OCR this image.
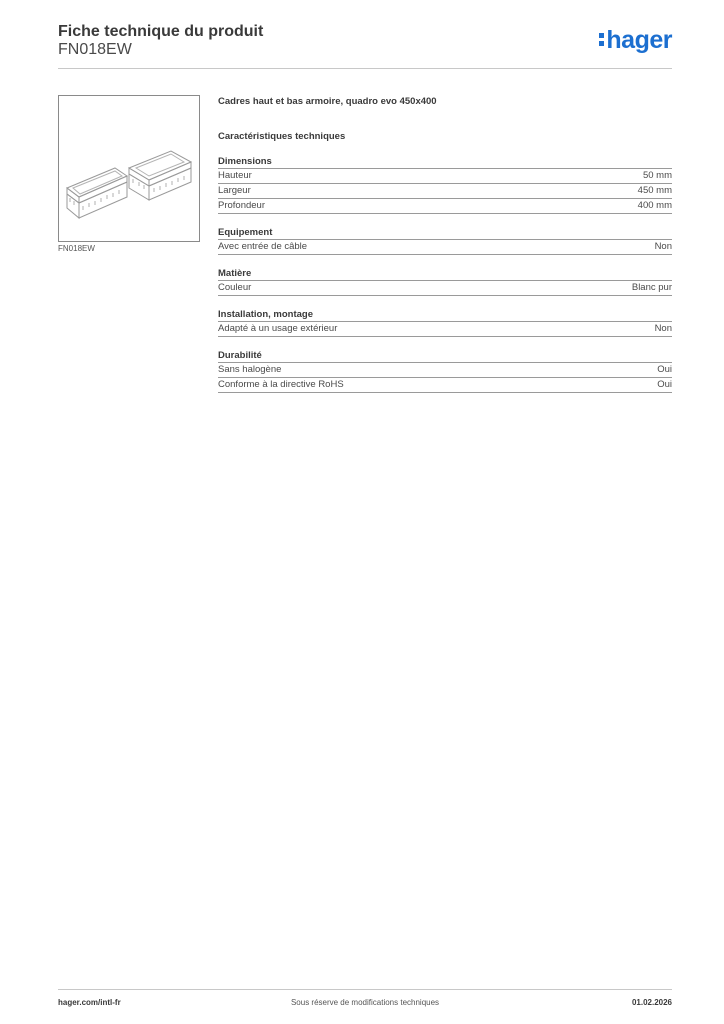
Fiche technique du produit
FN018EW	hager
FN018EW
Cadres haut et bas armoire, quadro evo 450x400
Caractéristiques techniques
Dimensions
Hauteur	50 mm
Largeur	450 mm
Profondeur	400 mm
Equipement
Avec entrée de câble	Non
Matière
Couleur	Blanc pur
Installation, montage
Adapté à un usage extérieur	Non
Durabilité
Sans halogène	Oui
Conforme à la directive RoHS	Oui
Sous réserve de modifications techniques
hager.com/intl-fr	01.02.2026
